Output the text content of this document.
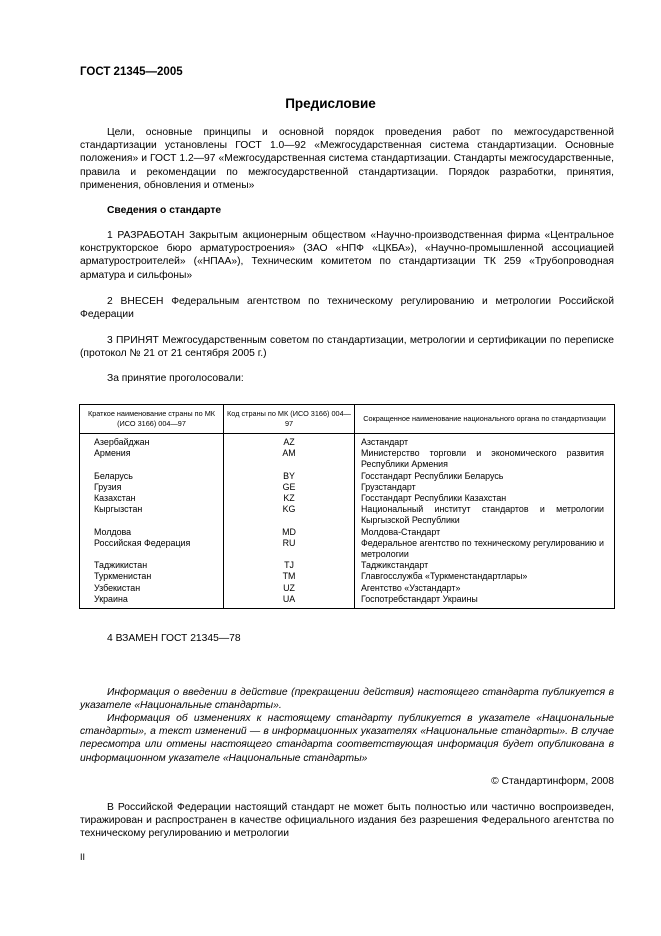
ГОСТ 21345—2005
Предисловие

Цели, основные принципы и основной порядок проведения работ по межгосударственной стандартизации установлены ГОСТ 1.0—92 «Межгосударственная система стандартизации. Основные положения» и ГОСТ 1.2—97 «Межгосударственная система стандартизации. Стандарты межгосударственные, правила и рекомендации по межгосударственной стандартизации. Порядок разработки, принятия, применения, обновления и отмены»

Сведения о стандарте

1 РАЗРАБОТАН Закрытым акционерным обществом «Научно-производственная фирма «Центральное конструкторское бюро арматуростроения» (ЗАО «НПФ «ЦКБА»), «Научно-промышленной ассоциацией арматуростроителей» («НПАА»), Техническим комитетом по стандартизации ТК 259 «Трубопроводная арматура и сильфоны»

2 ВНЕСЕН Федеральным агентством по техническому регулированию и метрологии Российской Федерации

3 ПРИНЯТ Межгосударственным советом по стандартизации, метрологии и сертификации по переписке (протокол № 21 от 21 сентября 2005 г.)

За принятие проголосовали:
Краткое наименование страны по МК (ИСО 3166) 004—97	Код страны по МК (ИСО 3166) 004—97	Сокращенное наименование национального органа по стандартизации
Азербайджан	AZ	Азстандарт
Армения	AM	Министерство торговли и экономического развития Республики Армения
Беларусь	BY	Госстандарт Республики Беларусь
Грузия	GE	Грузстандарт
Казахстан	KZ	Госстандарт Республики Казахстан
Кыргызстан	KG	Национальный институт стандартов и метрологии Кыргызской Республики
Молдова	MD	Молдова-Стандарт
Российская Федерация	RU	Федеральное агентство по техническому регулированию и метрологии
Таджикистан	TJ	Таджикстандарт
Туркменистан	TM	Главгосслужба «Туркменстандартлары»
Узбекистан	UZ	Агентство «Узстандарт»
Украина	UA	Госпотребстандарт Украины
4 ВЗАМЕН ГОСТ 21345—78

Информация о введении в действие (прекращении действия) настоящего стандарта публикуется в указателе «Национальные стандарты».

Информация об изменениях к настоящему стандарту публикуется в указателе «Национальные стандарты», а текст изменений — в информационных указателях «Национальные стандарты». В случае пересмотра или отмены настоящего стандарта соответствующая информация будет опубликована в информационном указателе «Национальные стандарты»

© Стандартинформ, 2008

В Российской Федерации настоящий стандарт не может быть полностью или частично воспроизведен, тиражирован и распространен в качестве официального издания без разрешения Федерального агентства по техническому регулированию и метрологии

II
